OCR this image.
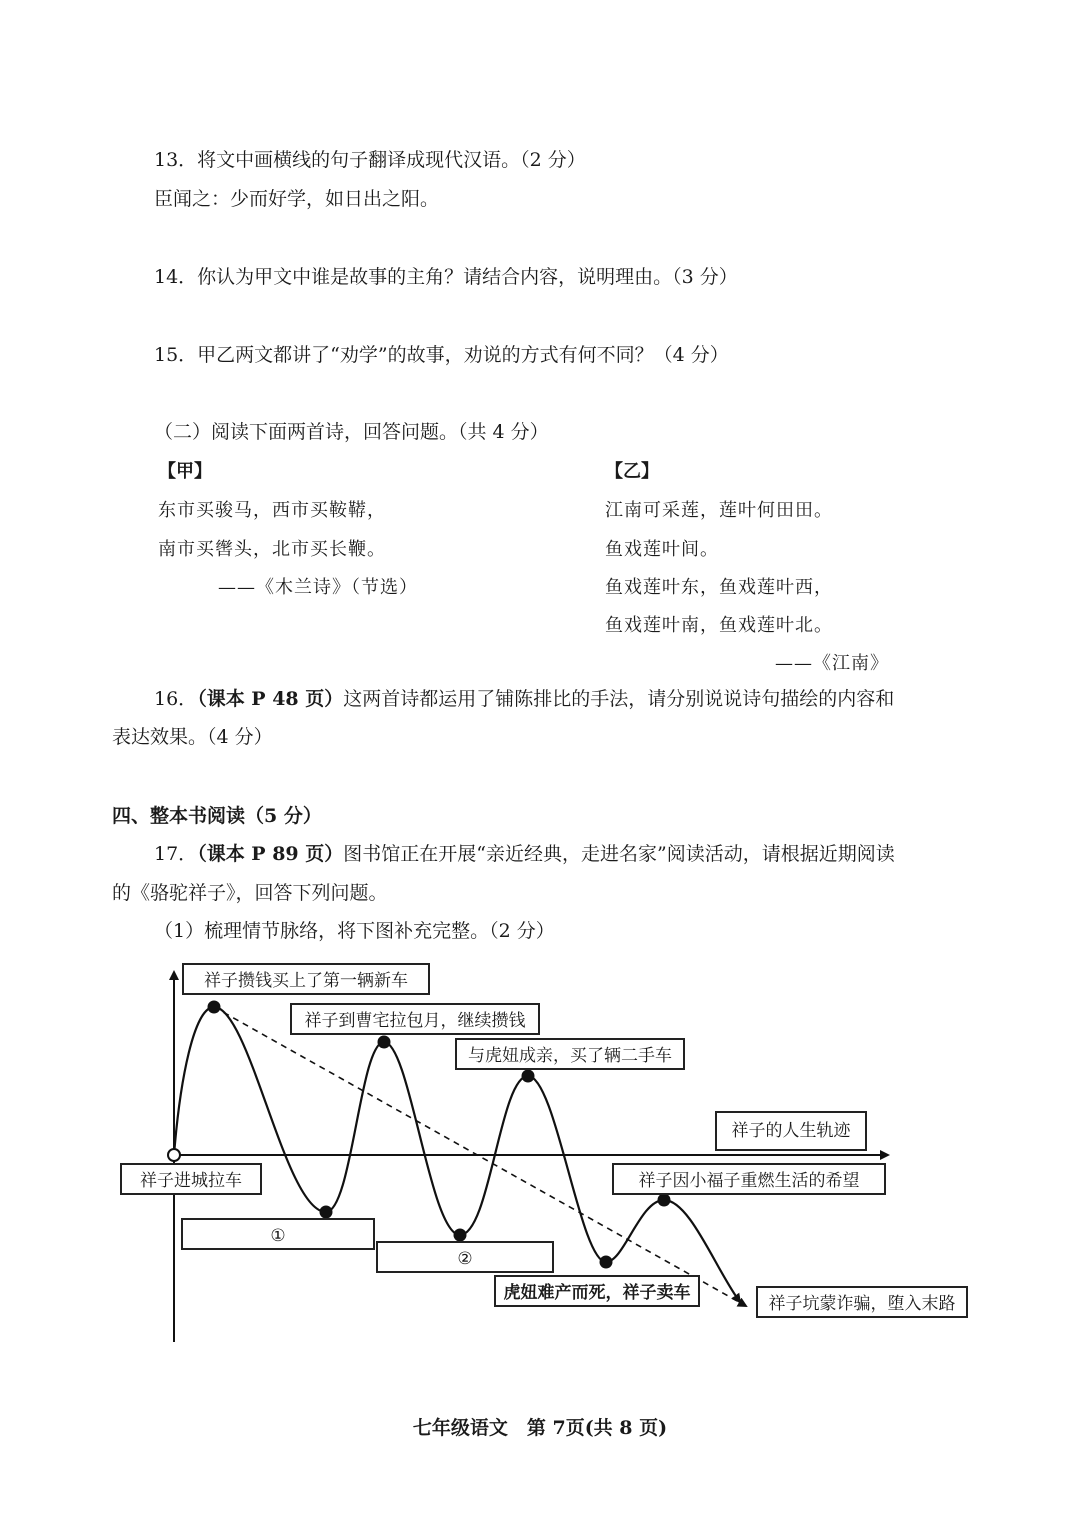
13．将文中画横线的句子翻译成现代汉语。（2 分）
臣闻之：少而好学，如日出之阳。
14．你认为甲文中谁是故事的主角？请结合内容，说明理由。（3 分）
15．甲乙两文都讲了“劝学”的故事，劝说的方式有何不同？（4 分）
（二）阅读下面两首诗，回答问题。（共 4 分）
【甲】
东市买骏马，西市买鞍鞯，
南市买辔头，北市买长鞭。
——《木兰诗》（节选）
【乙】
江南可采莲，莲叶何田田。
鱼戏莲叶间。
鱼戏莲叶东，鱼戏莲叶西，
鱼戏莲叶南，鱼戏莲叶北。
——《江南》
16．（课本 P 48 页）这两首诗都运用了铺陈排比的手法，请分别说说诗句描绘的内容和
表达效果。（4 分）
四、整本书阅读（5 分）
17．（课本 P 89 页）图书馆正在开展“亲近经典，走进名家”阅读活动，请根据近期阅读
的《骆驼祥子》，回答下列问题。
（1）梳理情节脉络，将下图补充完整。（2 分）
祥子攒钱买上了第一辆新车
祥子到曹宅拉包月，继续攒钱
与虎妞成亲，买了辆二手车
祥子的人生轨迹
祥子进城拉车	祥子因小福子重燃生活的希望
①
②
虎妞难产而死，祥子卖车
祥子坑蒙诈骗，堕入末路
七年级语文　第 7页(共 8 页)
